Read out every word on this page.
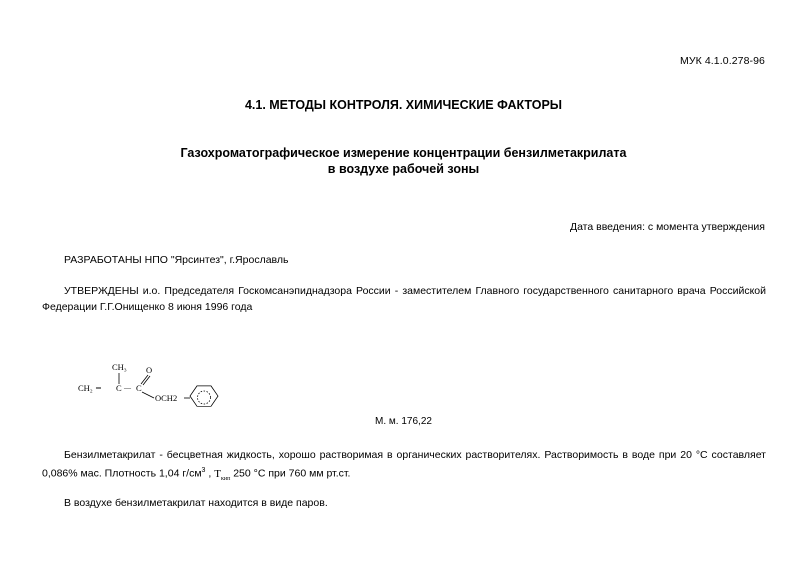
МУК 4.1.0.278-96
4.1. МЕТОДЫ КОНТРОЛЯ. ХИМИЧЕСКИЕ ФАКТОРЫ
Газохроматографическое измерение концентрации бензилметакрилата
в воздухе рабочей зоны
Дата введения: с момента утверждения
РАЗРАБОТАНЫ НПО "Ярсинтез", г.Ярославль
УТВЕРЖДЕНЫ и.о. Председателя Госкомсанэпиднадзора России - заместителем Главного государственного санитарного врача Российской Федерации Г.Г.Онищенко 8 июня 1996 года
CH₂ ═ C — C
CH₃ O
OCH2
М. м. 176,22
Бензилметакрилат - бесцветная жидкость, хорошо растворимая в органических растворителях. Растворимость в воде при 20 °С составляет 0,086% мас. Плотность 1,04 $г/см^3$ , $T_{кип}$ 250 °С при 760 мм рт.ст.
В воздухе бензилметакрилат находится в виде паров.
